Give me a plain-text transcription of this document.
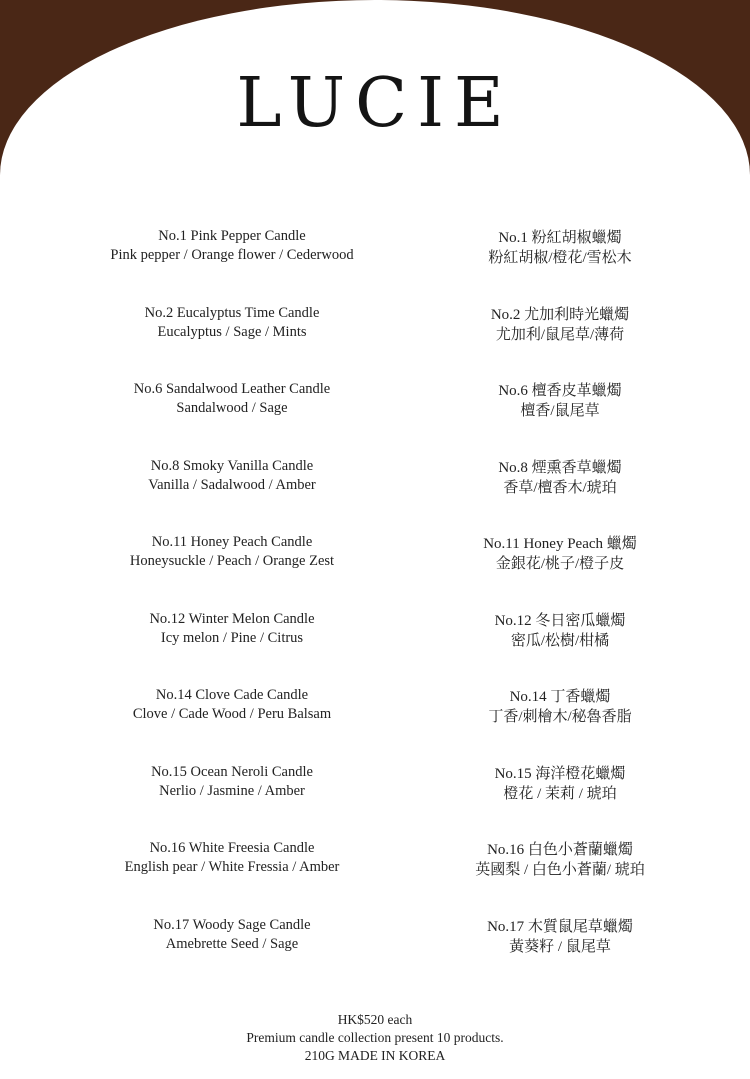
LUCIE
No.1 Pink Pepper Candle
Pink pepper / Orange flower / Cederwood
No.1 粉紅胡椒蠟燭
粉紅胡椒/橙花/雪松木
No.2 Eucalyptus Time Candle
Eucalyptus / Sage / Mints
No.2 尤加利時光蠟燭
尤加利/鼠尾草/薄荷
No.6 Sandalwood Leather Candle
Sandalwood / Sage
No.6 檀香皮革蠟燭
檀香/鼠尾草
No.8 Smoky Vanilla Candle
Vanilla / Sadalwood / Amber
No.8 煙熏香草蠟燭
香草/檀香木/琥珀
No.11 Honey Peach Candle
Honeysuckle / Peach / Orange Zest
No.11 Honey Peach 蠟燭
金銀花/桃子/橙子皮
No.12 Winter Melon Candle
Icy melon / Pine / Citrus
No.12 冬日密瓜蠟燭
密瓜/松樹/柑橘
No.14 Clove Cade Candle
Clove / Cade Wood / Peru Balsam
No.14 丁香蠟燭
丁香/刺檜木/秘魯香脂
No.15 Ocean Neroli Candle
Nerlio / Jasmine / Amber
No.15 海洋橙花蠟燭
橙花 / 茉莉 / 琥珀
No.16 White Freesia Candle
English pear / White Fressia / Amber
No.16 白色小蒼蘭蠟燭
英國梨 / 白色小蒼蘭/ 琥珀
No.17 Woody Sage Candle
Amebrette Seed / Sage
No.17 木質鼠尾草蠟燭
黃葵籽 / 鼠尾草
HK$520 each
Premium candle collection present 10 products.
210G MADE IN KOREA
